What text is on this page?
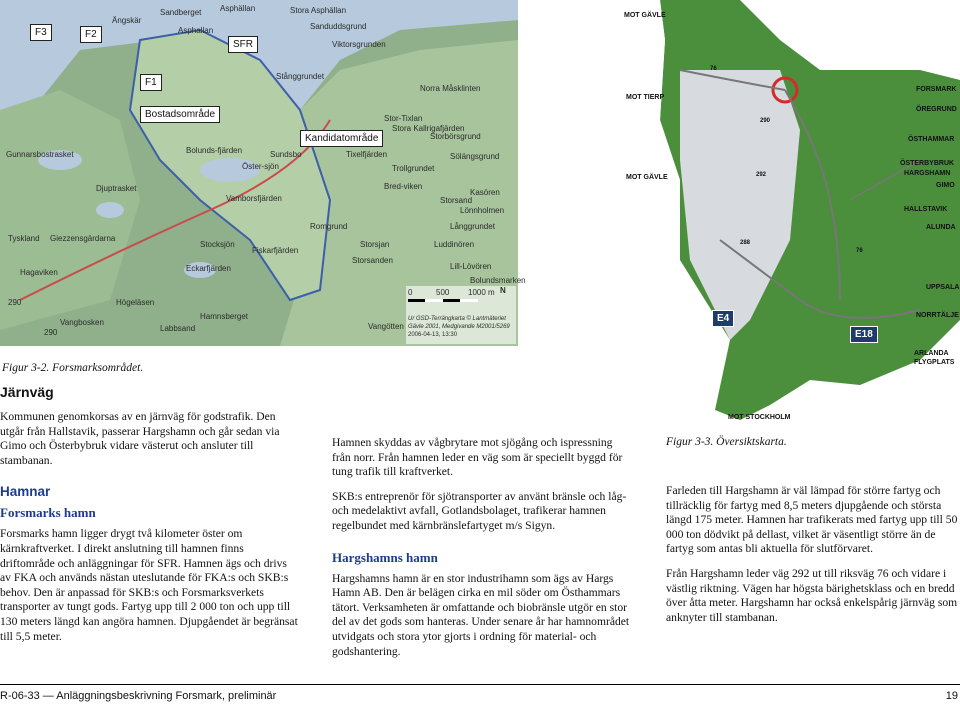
F3	F2
SFR
F1
Bostadsområde
Kandidatområde
Sandberget Asphällan
Ängskär
Asphallan
Stora Asphällan
Sanduddsgrund
Viktorsgrunden
Stånggrundet
Norra Måsklinten
Stor-Tixlan
Stora Kallrigafjärden
Storbörsgrund
Sölängsgrund
Gunnarsbostrasket	Bolunds-fjärden	Sundsbo
Öster-sjön
Tixelfjärden
Trollgrundet
Djuptrasket
Vamborsfjärden
Bred-viken
Kasören
Storsand
Lönnholmen
Långgrundet
Tyskland Giezzensgärdarna
Stocksjön	Storsjan	Luddinören
Fiskarfjärden
Eckarfjärden	Lill-Lövören
Hagaviken
Bolundsmarken
Högeläsen
Hamnsberget
Vangötten
Labbsand
Vangbosken
Romgrund
Storsanden
290
290
0	500 1000 m N
Ur GSD-Terrängkarta © Lantmäteriet
Gävle 2001, Medgivande M2001/5269
2006-04-13, 13:30
Figur 3-2. Forsmarksområdet.
MOT GÄVLE
FORSMARK
ÖREGRUND
MOT TIERP
ÖSTHAMMAR
ÖSTERBYBRUK
HARGSHAMN
MOT GÄVLE
GIMO
HALLSTAVIK
ALUNDA
UPPSALA
NORRTÄLJE
ARLANDA
FLYGPLATS
MOT STOCKHOLM
76
290
292
288
76
E4
E18
Figur 3-3. Översiktskarta.
Järnväg

Kommunen genomkorsas av en järnväg för godstrafik. Den utgår från Hallstavik, passerar Hargshamn och går sedan via Gimo och Österbybruk vidare västerut och ansluter till stambanan.

Hamnar
Forsmarks hamn

Forsmarks hamn ligger drygt två kilometer öster om kärnkraftverket. I direkt anslutning till hamnen finns driftområde och anläggningar för SFR. Hamnen ägs och drivs av FKA och används nästan uteslutande för FKA:s och SKB:s behov. Den är anpassad för SKB:s och Forsmarksverkets transporter av tungt gods. Fartyg upp till 2 000 ton och upp till 130 meters längd kan angöra hamnen. Djupgåendet är begränsat till 5,5 meter.

Hamnen skyddas av vågbrytare mot sjögång och ispressning från norr. Från hamnen leder en väg som är speciellt byggd för tung trafik till kraftverket.

SKB:s entreprenör för sjötransporter av använt bränsle och låg- och medelaktivt avfall, Gotlandsbolaget, trafikerar hamnen regelbundet med kärnbränslefartyget m/s Sigyn.

Hargshamns hamn

Hargshamns hamn är en stor industrihamn som ägs av Hargs Hamn AB. Den är belägen cirka en mil söder om Östhammars tätort. Verksamheten är omfattande och biobränsle utgör en stor del av det gods som hanteras. Under senare år har hamnområdet utvidgats och stora ytor gjorts i ordning för material- och godshantering.

Farleden till Hargshamn är väl lämpad för större fartyg och tillräcklig för fartyg med 8,5 meters djupgående och största längd 175 meter. Hamnen har trafikerats med fartyg upp till 50 000 ton dödvikt på dellast, vilket är väsentligt större än de fartyg som antas bli aktuella för slutförvaret.

Från Hargshamn leder väg 292 ut till riksväg 76 och vidare i västlig riktning. Vägen har högsta bärighetsklass och en bredd över åtta meter. Hargshamn har också enkelspårig järnväg som anknyter till stambanan.

R-06-33 — Anläggningsbeskrivning Forsmark, preliminär	19
